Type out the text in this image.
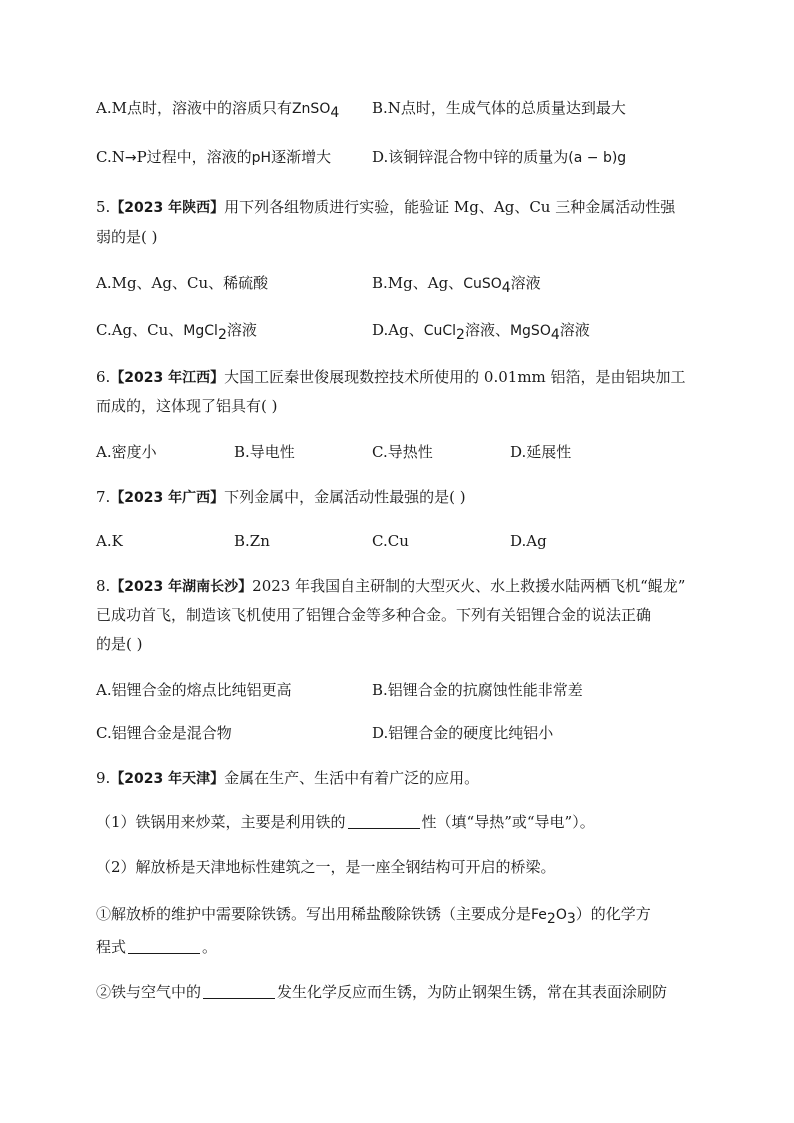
A.M点时，溶液中的溶质只有ZnSO$_4$ B.N点时，生成气体的总质量达到最大
C.N→P过程中，溶液的pH逐渐增大	D.该铜锌混合物中锌的质量为(a − b)g
5.【2023 年陕西】用下列各组物质进行实验，能验证 Mg、Ag、Cu 三种金属活动性强
弱的是( )
A.Mg、Ag、Cu、稀硫酸	B.Mg、Ag、CuSO$_4$溶液
C.Ag、Cu、MgCl$_2$溶液	D.Ag、CuCl$_2$溶液、MgSO$_4$溶液
6.【2023 年江西】大国工匠秦世俊展现数控技术所使用的 0.01mm 铝箔，是由铝块加工
而成的，这体现了铝具有( )
A.密度小	B.导电性	C.导热性	D.延展性
7.【2023 年广西】下列金属中，金属活动性最强的是( )
A.K	B.Zn	C.Cu	D.Ag
8.【2023 年湖南长沙】2023 年我国自主研制的大型灭火、水上救援水陆两栖飞机“鲲龙”
已成功首飞，制造该飞机使用了铝锂合金等多种合金。下列有关铝锂合金的说法正确
的是( )
A.铝锂合金的熔点比纯铝更高	B.铝锂合金的抗腐蚀性能非常差
C.铝锂合金是混合物	D.铝锂合金的硬度比纯铝小
9.【2023 年天津】金属在生产、生活中有着广泛的应用。
（1）铁锅用来炒菜，主要是利用铁的	性（填“导热”或“导电”）。
（2）解放桥是天津地标性建筑之一，是一座全钢结构可开启的桥梁。
①解放桥的维护中需要除铁锈。写出用稀盐酸除铁锈（主要成分是$Fe_2O_3$）的化学方
程式	。
②铁与空气中的	发生化学反应而生锈，为防止钢架生锈，常在其表面涂刷防
